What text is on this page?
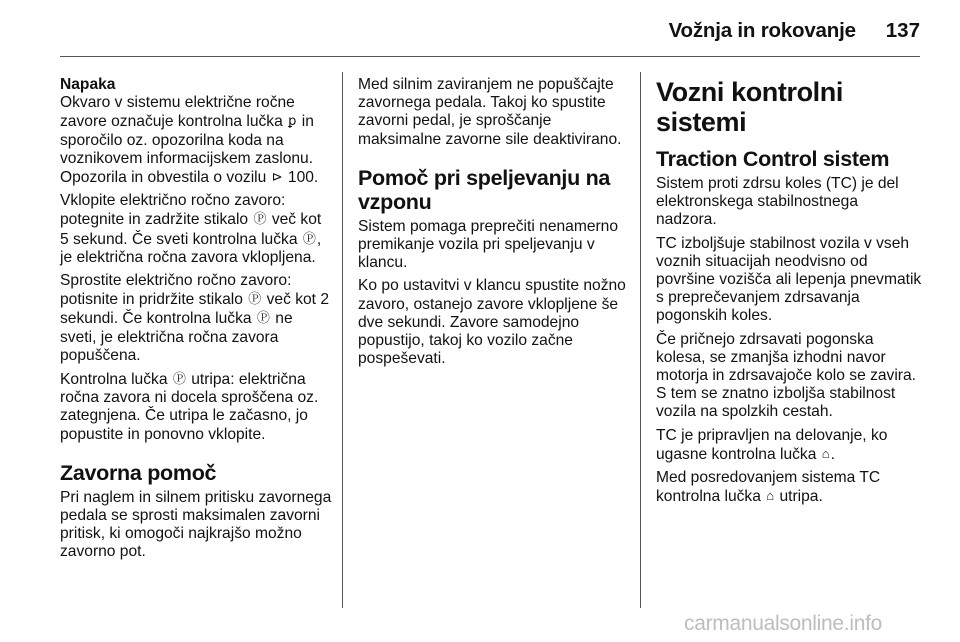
Vožnja in rokovanje 137

Napaka
Okvaro v sistemu električne ročne zavore označuje kontrolna lučka ꝑ in sporočilo oz. opozorilna koda na voznikovem informacijskem zaslonu. Opozorila in obvestila o vozilu ⊳ 100.

Vklopite električno ročno zavoro: potegnite in zadržite stikalo Ⓟ več kot 5 sekund. Če sveti kontrolna lučka Ⓟ, je električna ročna zavora vklopljena.

Sprostite električno ročno zavoro: potisnite in pridržite stikalo Ⓟ več kot 2 sekundi. Če kontrolna lučka Ⓟ ne sveti, je električna ročna zavora popuščena.

Kontrolna lučka Ⓟ utripa: električna ročna zavora ni docela sproščena oz. zategnjena. Če utripa le začasno, jo popustite in ponovno vklopite.

Zavorna pomoč

Pri naglem in silnem pritisku zavornega pedala se sprosti maksimalen zavorni pritisk, ki omogoči najkrajšo možno zavorno pot.

Med silnim zaviranjem ne popuščajte zavornega pedala. Takoj ko spustite zavorni pedal, je sproščanje maksimalne zavorne sile deaktivirano.

Pomoč pri speljevanju na vzponu

Sistem pomaga preprečiti nenamerno premikanje vozila pri speljevanju v klancu.

Ko po ustavitvi v klancu spustite nožno zavoro, ostanejo zavore vklopljene še dve sekundi. Zavore samodejno popustijo, takoj ko vozilo začne pospeševati.

Vozni kontrolni sistemi
Traction Control sistem

Sistem proti zdrsu koles (TC) je del elektronskega stabilnostnega nadzora.

TC izboljšuje stabilnost vozila v vseh voznih situacijah neodvisno od površine vozišča ali lepenja pnevmatik s preprečevanjem zdrsavanja pogonskih koles.

Če pričnejo zdrsavati pogonska kolesa, se zmanjša izhodni navor motorja in zdrsavajoče kolo se zavira. S tem se znatno izboljša stabilnost vozila na spolzkih cestah.

TC je pripravljen na delovanje, ko ugasne kontrolna lučka ⌂.

Med posredovanjem sistema TC kontrolna lučka ⌂ utripa.

carmanualsonline.info
